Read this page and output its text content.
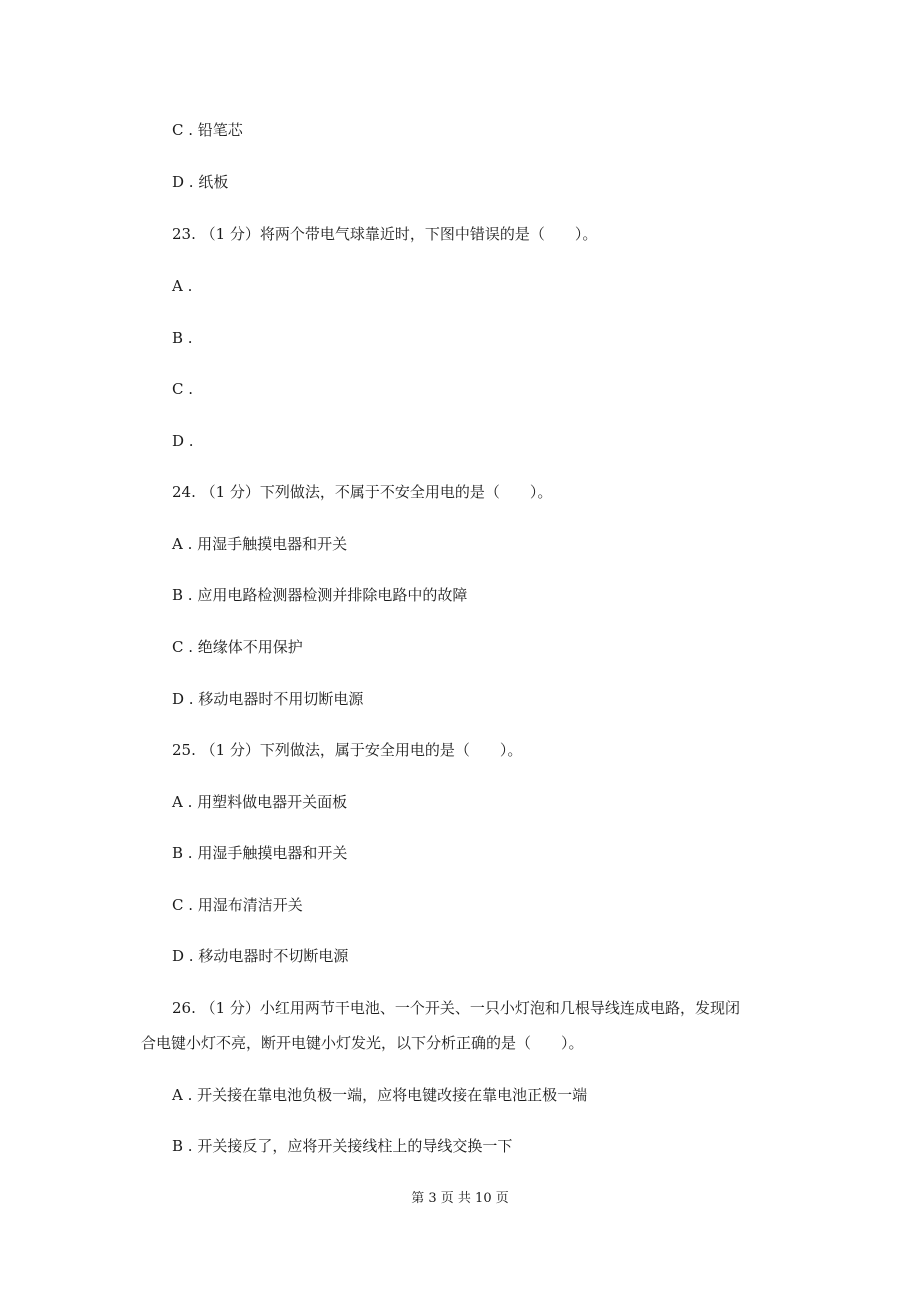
C . 铅笔芯
D . 纸板
23. （1 分）将两个带电气球靠近时，下图中错误的是（　　）。
A .
B .
C .
D .
24. （1 分）下列做法，不属于不安全用电的是（　　）。
A . 用湿手触摸电器和开关
B . 应用电路检测器检测并排除电路中的故障
C . 绝缘体不用保护
D . 移动电器时不用切断电源
25. （1 分）下列做法，属于安全用电的是（　　）。
A . 用塑料做电器开关面板
B . 用湿手触摸电器和开关
C . 用湿布清洁开关
D . 移动电器时不切断电源
26. （1 分）小红用两节干电池、一个开关、一只小灯泡和几根导线连成电路，发现闭
合电键小灯不亮，断开电键小灯发光，以下分析正确的是（　　）。
A . 开关接在靠电池负极一端，应将电键改接在靠电池正极一端
B . 开关接反了，应将开关接线柱上的导线交换一下
第 3 页 共 10 页
